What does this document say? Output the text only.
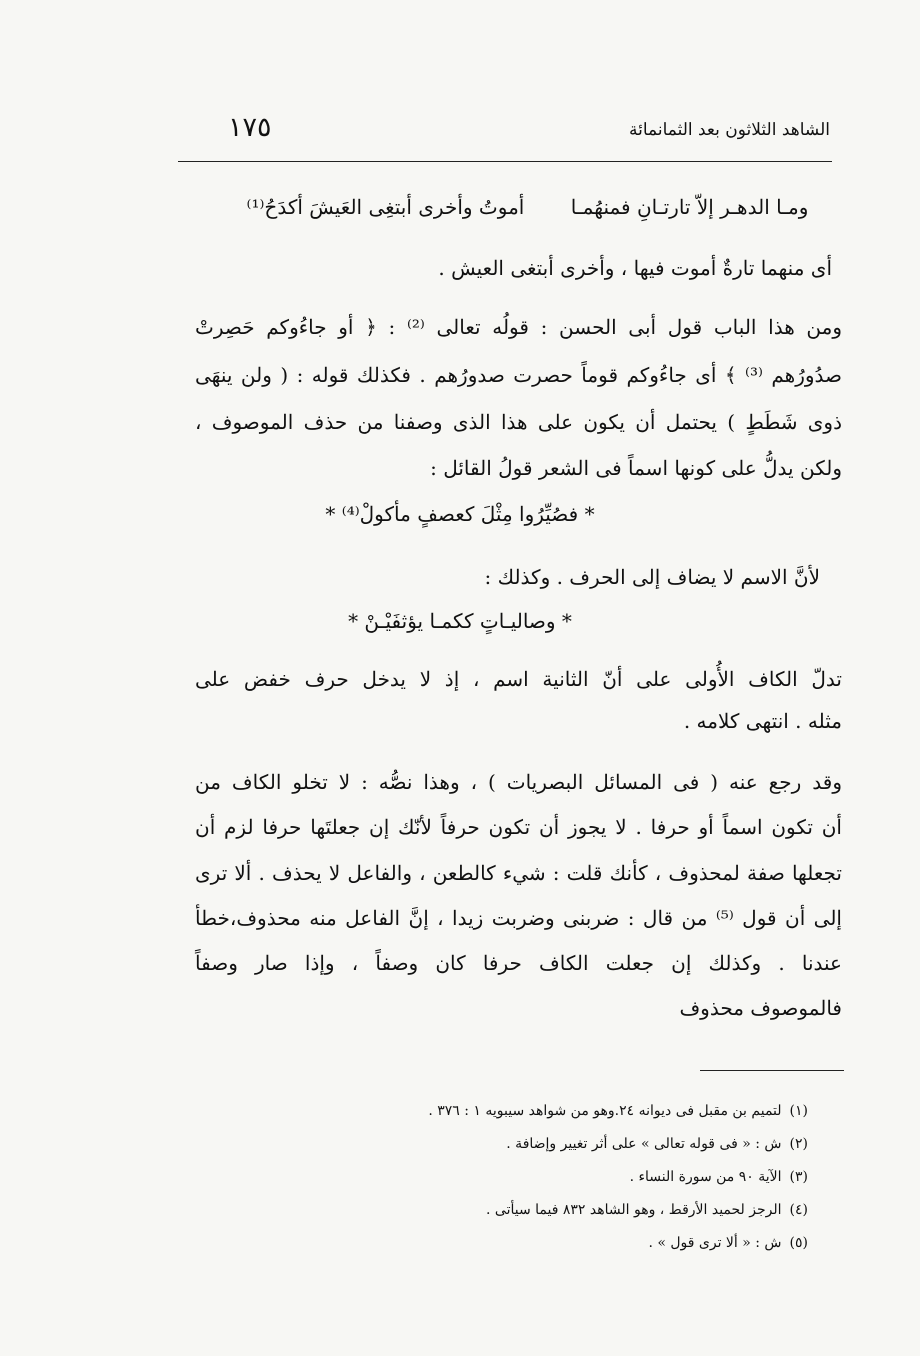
الشاهد الثلاثون بعد الثمانمائة
١٧٥
ومـا الدهـر إلاّ تارتـانِ فمنهُمـا أموتُ وأخرى أبتغِى العَيشَ أكدَحُ⁽¹⁾
أى منهما تارةٌ أموت فيها ، وأخرى أبتغى العيش .
ومن هذا الباب قول أبى الحسن : قولُه تعالى ⁽²⁾ : ﴿ أو جاءُوكم حَصِرتْ
صدُورُهم ⁽³⁾ ﴾ أى جاءُوكم قوماً حصرت صدورُهم . فكذلك قوله : ( ولن ينهَى
ذوى شَطَطٍ ) يحتمل أن يكون على هذا الذى وصفنا من حذف الموصوف ،
ولكن يدلُّ على كونها اسماً فى الشعر قولُ القائل :
* فصُيِّرُوا مِثْلَ كعصفٍ مأكولْ⁽⁴⁾ *
لأنَّ الاسم لا يضاف إلى الحرف . وكذلك :
* وصاليـاتٍ ككمـا يؤثفَيْـنْ *
تدلّ الكاف الأُولى على أنّ الثانية اسم ، إذ لا يدخل حرف خفض على
مثله . انتهى كلامه .
وقد رجع عنه ( فى المسائل البصريات ) ، وهذا نصُّه : لا تخلو الكاف من
أن تكون اسماً أو حرفا . لا يجوز أن تكون حرفاً لأنّك إن جعلتَها حرفا لزم أن
تجعلها صفة لمحذوف ، كأنك قلت : شيء كالطعن ، والفاعل لا يحذف . ألا ترى
إلى أن قول ⁽⁵⁾ من قال : ضربنى وضربت زيدا ، إنَّ الفاعل منه محذوف،خطأ
عندنا . وكذلك إن جعلت الكاف حرفا كان وصفاً ، وإذا صار وصفاً
فالموصوف محذوف
(١)لتميم بن مقبل فى ديوانه ٢٤.وهو من شواهد سيبويه ١ : ٣٧٦ .
(٢)ش : « فى قوله تعالى » على أثر تغيير وإضافة .
(٣)الآية ٩٠ من سورة النساء .
(٤)الرجز لحميد الأرقط ، وهو الشاهد ٨٣٢ فيما سيأتى .
(٥)ش : « ألا ترى قول » .
